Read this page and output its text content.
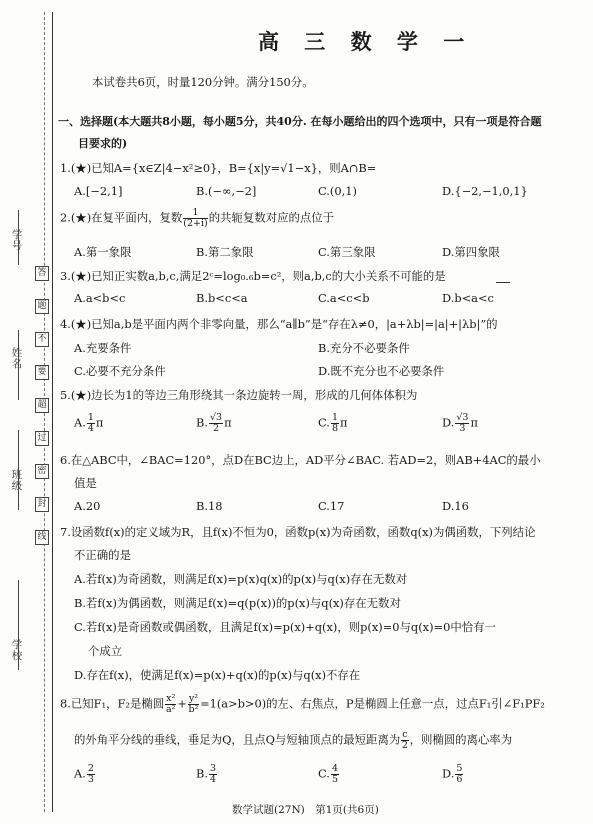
学号
姓名
班级
学校
答
题
不
要
超
过
密
封
线
高 三 数 学 一
本试卷共6页，时量120分钟。满分150分。
一、选择题(本大题共8小题，每小题5分，共40分. 在每小题给出的四个选项中，只有一项是符合题
目要求的)
1.(★)已知A={x∈Z|4−x²≥0}，B={x|y=√1−x}，则A∩B=
A.[−2,1]	B.(−∞,−2]	C.(0,1)	D.{−2,−1,0,1}
2.(★)在复平面内，复数 $\frac{1}{(2+i)}$ 的共轭复数对应的点位于
A.第一象限	B.第二象限	C.第三象限	D.第四象限
3.(★)已知正实数a,b,c,满足2ᶜ=log₀.₆b=c²，则a,b,c的大小关系不可能的是
A.a<b<c	B.b<c<a	C.a<c<b	D.b<a<c
4.(★)已知a,b是平面内两个非零向量，那么“a∥b”是“存在λ≠0，|a+λb|=|a|+|λb|”的
A.充要条件	B.充分不必要条件
C.必要不充分条件	D.既不充分也不必要条件
5.(★)边长为1的等边三角形绕其一条边旋转一周，形成的几何体体积为
A. $\frac{1}{4}$ π	B. $\frac{√3}{2}$ π	C. $\frac{1}{8}$ π	D. $\frac{√3}{3}$ π
6.在△ABC中，∠BAC=120°，点D在BC边上，AD平分∠BAC. 若AD=2，则AB+4AC的最小
值是
A.20	B.18	C.17	D.16
7.设函数f(x)的定义域为R，且f(x)不恒为0，函数p(x)为奇函数，函数q(x)为偶函数，下列结论
不正确的是
A.若f(x)为奇函数，则满足f(x)=p(x)q(x)的p(x)与q(x)存在无数对
B.若f(x)为偶函数，则满足f(x)=q(p(x))的p(x)与q(x)存在无数对
C.若f(x)是奇函数或偶函数，且满足f(x)=p(x)+q(x)，则p(x)=0与q(x)=0中恰有一
个成立
D.存在f(x)，使满足f(x)=p(x)+q(x)的p(x)与q(x)不存在
8.已知F₁，F₂是椭圆 $\frac{\text{x²}}{\text{a²}} + \frac{\text{y²}}{\text{b²}} =1(a>b>0)$的左、右焦点，P是椭圆上任意一点，过点F₁引∠F₁PF₂
的外角平分线的垂线，垂足为Q，且点Q与短轴顶点的最短距离为 $\frac{c}{2}$ ，则椭圆的离心率为
A. $\frac{2}{3}$	B. $\frac{3}{4}$	C. $\frac{4}{5}$	D. $\frac{5}{6}$
数学试题(27N)　第1页(共6页)
